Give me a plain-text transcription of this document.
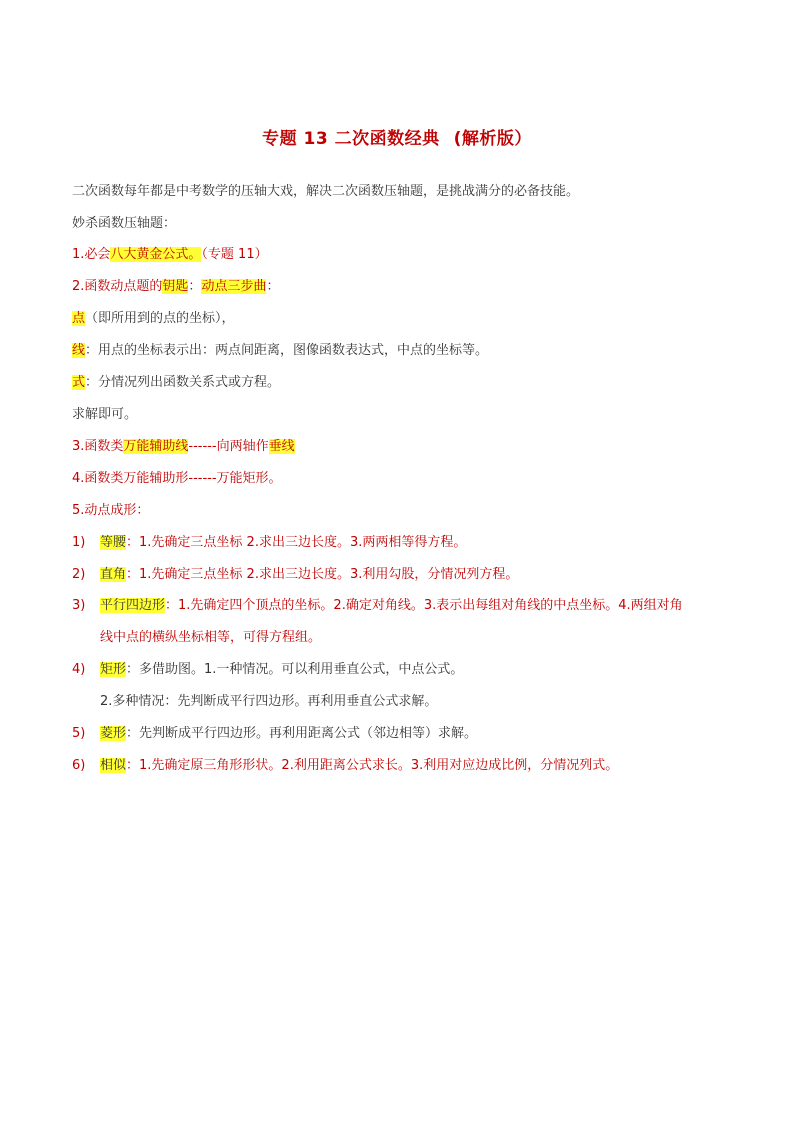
专题 13 二次函数经典 (解析版）
二次函数每年都是中考数学的压轴大戏，解决二次函数压轴题，是挑战满分的必备技能。
妙杀函数压轴题：
1.必会八大黄金公式。（专题 11）
2.函数动点题的钥匙：动点三步曲：
点（即所用到的点的坐标），
线：用点的坐标表示出：两点间距离，图像函数表达式，中点的坐标等。
式：分情况列出函数关系式或方程。
求解即可。
3.函数类万能辅助线------向两轴作垂线
4.函数类万能辅助形------万能矩形。
5.动点成形：
1) 等腰：1.先确定三点坐标 2.求出三边长度。3.两两相等得方程。
2) 直角：1.先确定三点坐标 2.求出三边长度。3.利用勾股，分情况列方程。
3) 平行四边形：1.先确定四个顶点的坐标。2.确定对角线。3.表示出每组对角线的中点坐标。4.两组对角
线中点的横纵坐标相等，可得方程组。
4) 矩形：多借助图。1.一种情况。可以利用垂直公式，中点公式。
2.多种情况：先判断成平行四边形。再利用垂直公式求解。
5) 菱形：先判断成平行四边形。再利用距离公式（邻边相等）求解。
6) 相似：1.先确定原三角形形状。2.利用距离公式求长。3.利用对应边成比例，分情况列式。
